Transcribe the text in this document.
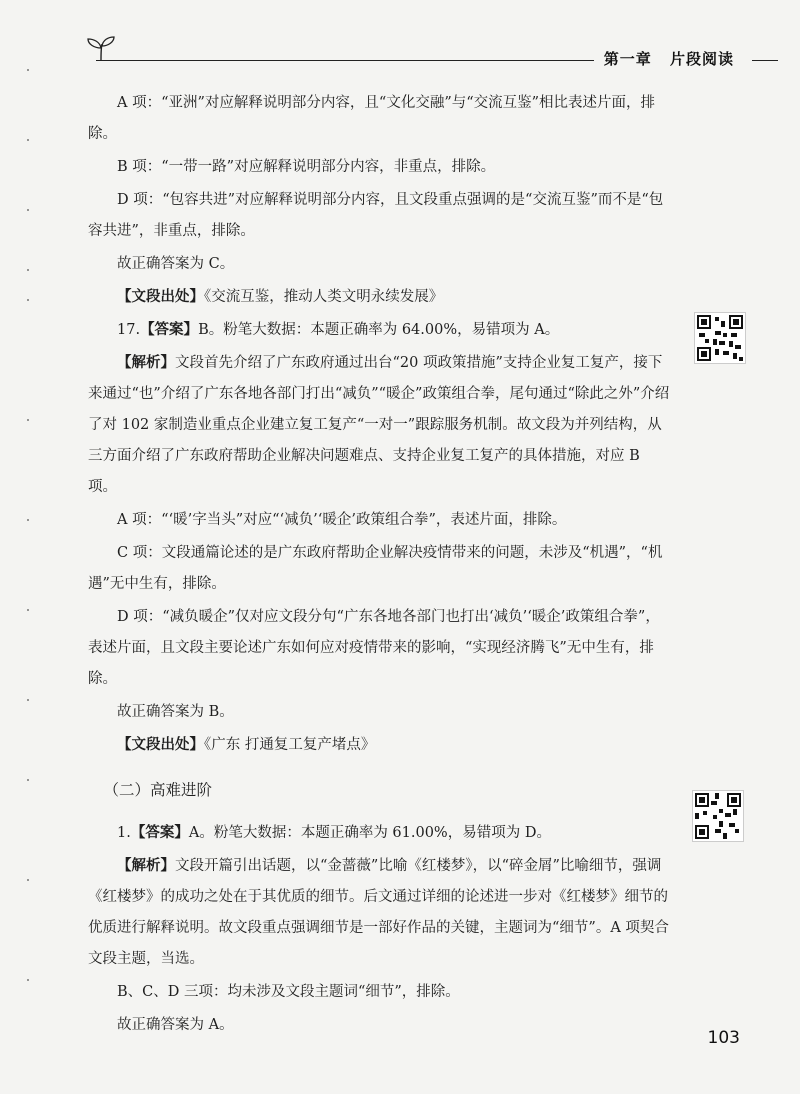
第一章 片段阅读

A 项：“亚洲”对应解释说明部分内容，且“文化交融”与“交流互鉴”相比表述片面，排除。

B 项：“一带一路”对应解释说明部分内容，非重点，排除。

D 项：“包容共进”对应解释说明部分内容，且文段重点强调的是“交流互鉴”而不是“包容共进”，非重点，排除。

故正确答案为 C。

【文段出处】《交流互鉴，推动人类文明永续发展》

17.【答案】B。粉笔大数据：本题正确率为 64.00%，易错项为 A。

【解析】文段首先介绍了广东政府通过出台“20 项政策措施”支持企业复工复产，接下来通过“也”介绍了广东各地各部门打出“减负”“暖企”政策组合拳，尾句通过“除此之外”介绍了对 102 家制造业重点企业建立复工复产“一对一”跟踪服务机制。故文段为并列结构，从三方面介绍了广东政府帮助企业解决问题难点、支持企业复工复产的具体措施，对应 B 项。

A 项：“‘暖’字当头”对应“‘减负’‘暖企’政策组合拳”，表述片面，排除。

C 项：文段通篇论述的是广东政府帮助企业解决疫情带来的问题，未涉及“机遇”，“机遇”无中生有，排除。

D 项：“减负暖企”仅对应文段分句“广东各地各部门也打出‘减负’‘暖企’政策组合拳”，表述片面，且文段主要论述广东如何应对疫情带来的影响，“实现经济腾飞”无中生有，排除。

故正确答案为 B。

【文段出处】《广东 打通复工复产堵点》

（二）高难进阶

1.【答案】A。粉笔大数据：本题正确率为 61.00%，易错项为 D。

【解析】文段开篇引出话题，以“金蔷薇”比喻《红楼梦》，以“碎金屑”比喻细节，强调《红楼梦》的成功之处在于其优质的细节。后文通过详细的论述进一步对《红楼梦》细节的优质进行解释说明。故文段重点强调细节是一部好作品的关键，主题词为“细节”。A 项契合文段主题，当选。

B、C、D 三项：均未涉及文段主题词“细节”，排除。

故正确答案为 A。

103
